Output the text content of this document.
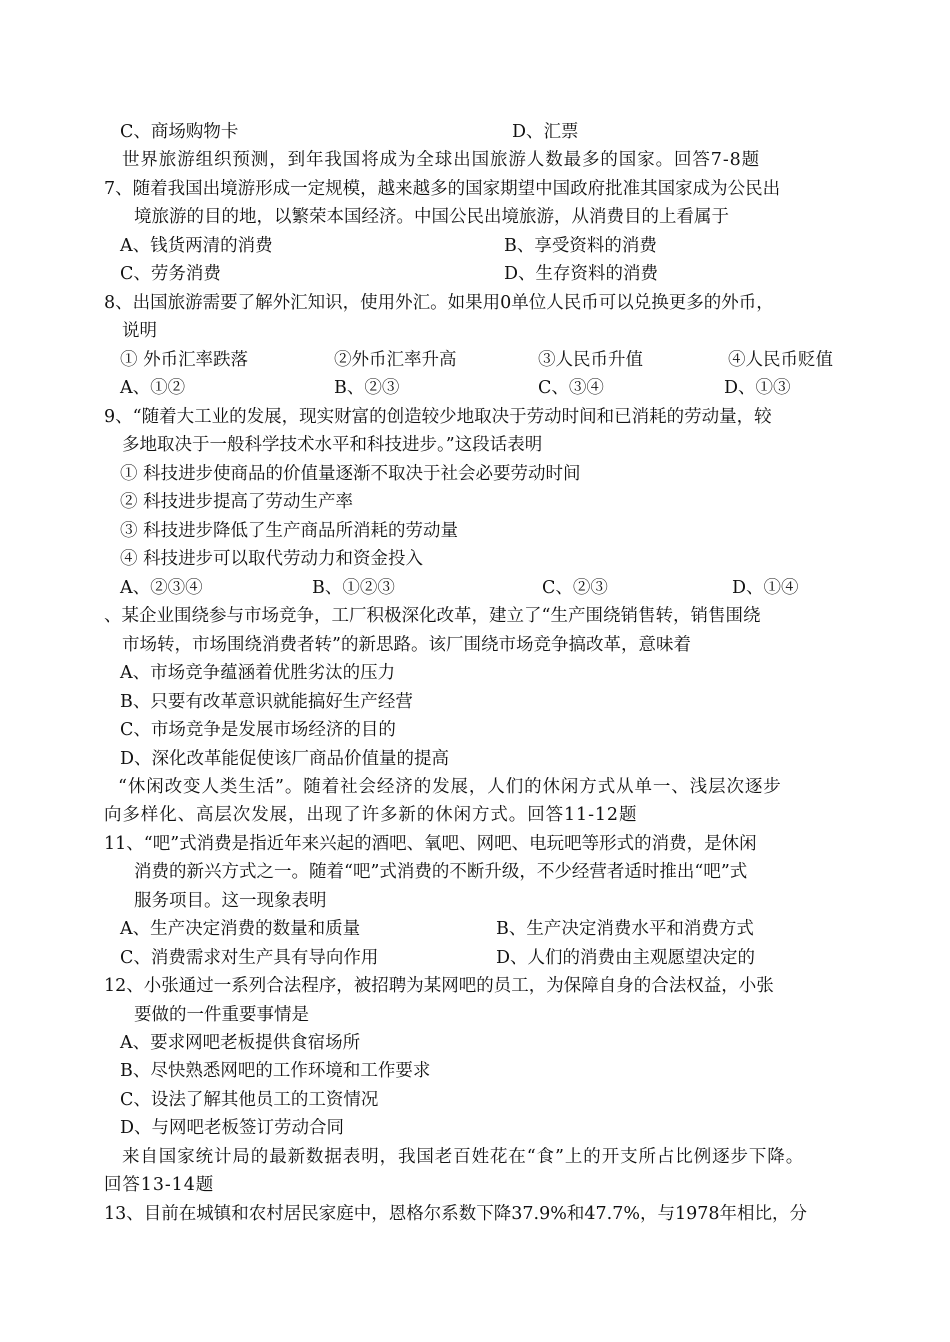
C、商场购物卡	D、汇票
世界旅游组织预测，到年我国将成为全球出国旅游人数最多的国家。回答7-8题
7、随着我国出境游形成一定规模，越来越多的国家期望中国政府批准其国家成为公民出
境旅游的目的地，以繁荣本国经济。中国公民出境旅游，从消费目的上看属于
A、钱货两清的消费	B、享受资料的消费
C、劳务消费	D、生存资料的消费
8、出国旅游需要了解外汇知识，使用外汇。如果用0单位人民币可以兑换更多的外币，
说明
① 外币汇率跌落	②外币汇率升高	③人民币升值	④人民币贬值
A、①②	B、②③	C、③④	D、①③
9、“随着大工业的发展，现实财富的创造较少地取决于劳动时间和已消耗的劳动量，较
多地取决于一般科学技术水平和科技进步。”这段话表明
① 科技进步使商品的价值量逐渐不取决于社会必要劳动时间
② 科技进步提高了劳动生产率
③ 科技进步降低了生产商品所消耗的劳动量
④ 科技进步可以取代劳动力和资金投入
A、②③④	B、①②③	C、②③	D、①④
、某企业围绕参与市场竞争，工厂积极深化改革，建立了“生产围绕销售转，销售围绕
市场转，市场围绕消费者转”的新思路。该厂围绕市场竞争搞改革，意味着
A、市场竞争蕴涵着优胜劣汰的压力
B、只要有改革意识就能搞好生产经营
C、市场竞争是发展市场经济的目的
D、深化改革能促使该厂商品价值量的提高
“休闲改变人类生活”。随着社会经济的发展，人们的休闲方式从单一、浅层次逐步
向多样化、高层次发展，出现了许多新的休闲方式。回答11-12题
11、“吧”式消费是指近年来兴起的酒吧、氧吧、网吧、电玩吧等形式的消费，是休闲
消费的新兴方式之一。随着“吧”式消费的不断升级，不少经营者适时推出“吧”式
服务项目。这一现象表明
A、生产决定消费的数量和质量	B、生产决定消费水平和消费方式
C、消费需求对生产具有导向作用	D、人们的消费由主观愿望决定的
12、小张通过一系列合法程序，被招聘为某网吧的员工，为保障自身的合法权益，小张
要做的一件重要事情是
A、要求网吧老板提供食宿场所
B、尽快熟悉网吧的工作环境和工作要求
C、设法了解其他员工的工资情况
D、与网吧老板签订劳动合同
来自国家统计局的最新数据表明，我国老百姓花在“食”上的开支所占比例逐步下降。
回答13-14题
13、目前在城镇和农村居民家庭中，恩格尔系数下降37.9%和47.7%，与1978年相比，分
